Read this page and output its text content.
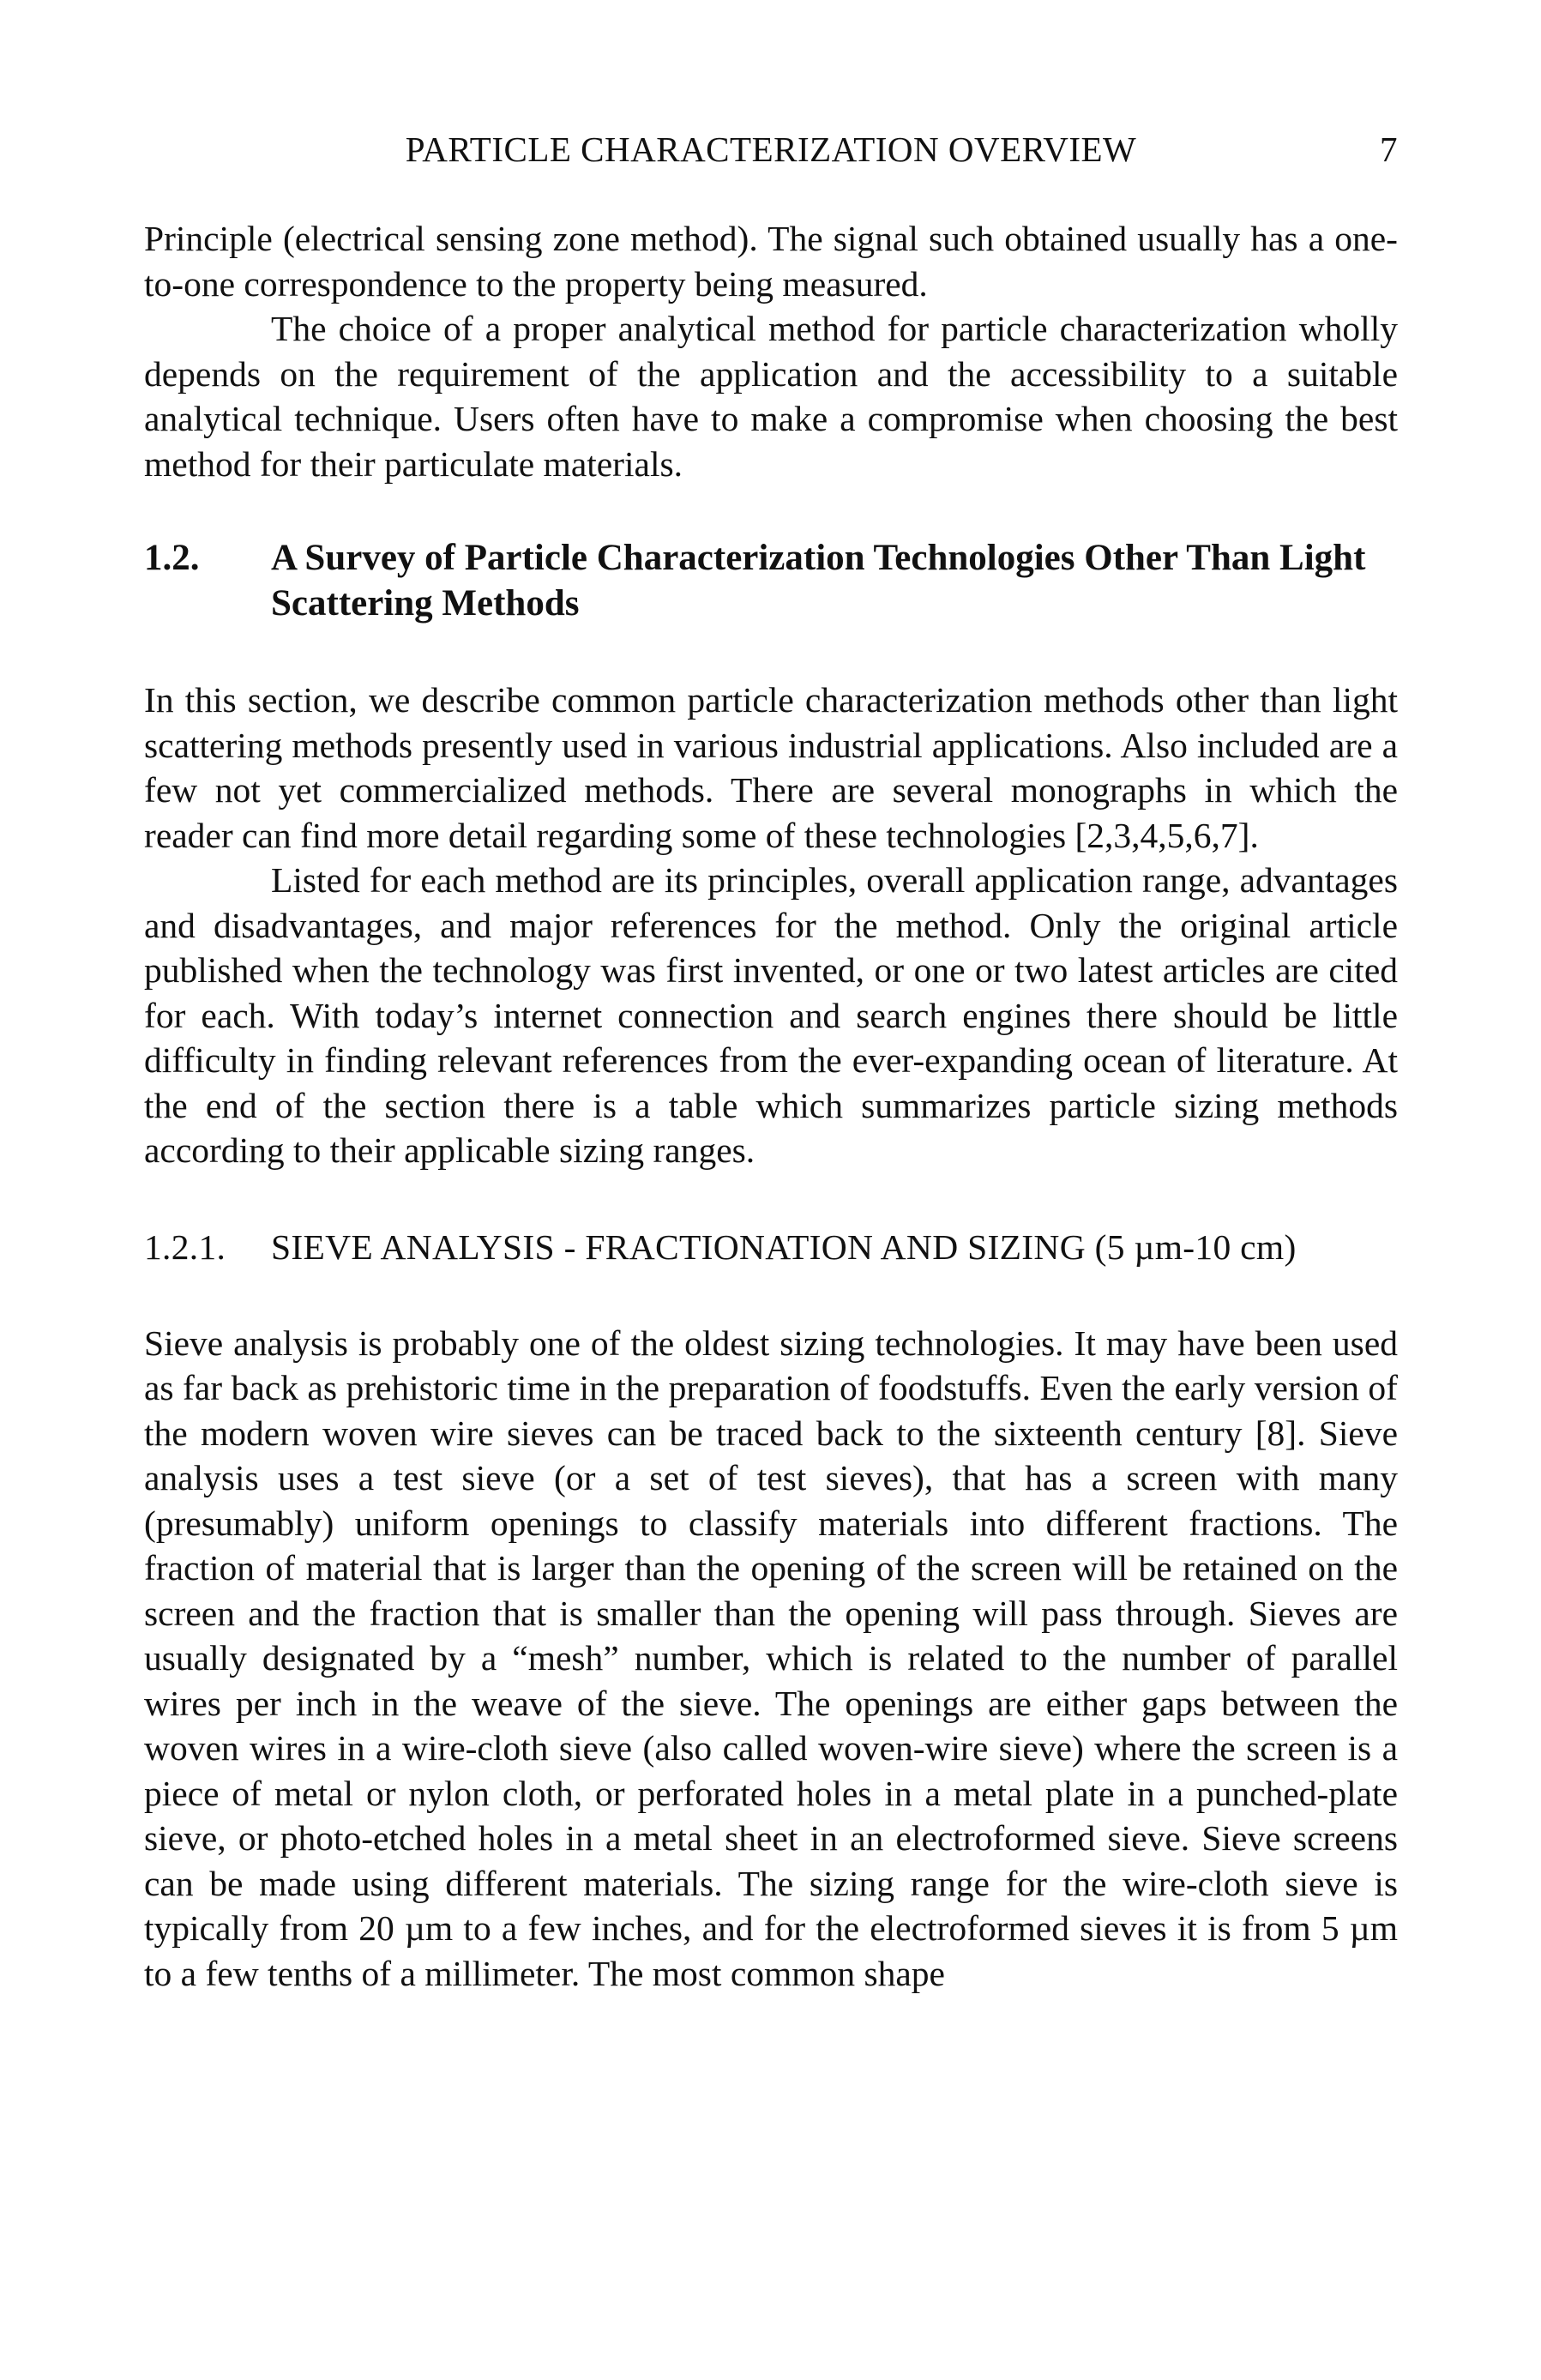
PARTICLE CHARACTERIZATION OVERVIEW	7

Principle (electrical sensing zone method). The signal such obtained usually has a one-to-one correspondence to the property being measured.

The choice of a proper analytical method for particle characterization wholly depends on the requirement of the application and the accessibility to a suitable analytical technique. Users often have to make a compromise when choosing the best method for their particulate materials.

1.2.	A Survey of Particle Characterization Technologies Other Than Light Scattering Methods

In this section, we describe common particle characterization methods other than light scattering methods presently used in various industrial applications. Also included are a few not yet commercialized methods. There are several monographs in which the reader can find more detail regarding some of these technologies [2,3,4,5,6,7].

Listed for each method are its principles, overall application range, advantages and disadvantages, and major references for the method. Only the original article published when the technology was first invented, or one or two latest articles are cited for each. With today’s internet connection and search engines there should be little difficulty in finding relevant references from the ever-expanding ocean of literature. At the end of the section there is a table which summarizes particle sizing methods according to their applicable sizing ranges.

1.2.1.	SIEVE ANALYSIS - FRACTIONATION AND SIZING (5 µm-10 cm)

Sieve analysis is probably one of the oldest sizing technologies. It may have been used as far back as prehistoric time in the preparation of foodstuffs. Even the early version of the modern woven wire sieves can be traced back to the sixteenth century [8]. Sieve analysis uses a test sieve (or a set of test sieves), that has a screen with many (presumably) uniform openings to classify materials into different fractions. The fraction of material that is larger than the opening of the screen will be retained on the screen and the fraction that is smaller than the opening will pass through. Sieves are usually designated by a “mesh” number, which is related to the number of parallel wires per inch in the weave of the sieve. The openings are either gaps between the woven wires in a wire-cloth sieve (also called woven-wire sieve) where the screen is a piece of metal or nylon cloth, or perforated holes in a metal plate in a punched-plate sieve, or photo-etched holes in a metal sheet in an electroformed sieve. Sieve screens can be made using different materials. The sizing range for the wire-cloth sieve is typically from 20 µm to a few inches, and for the electroformed sieves it is from 5 µm to a few tenths of a millimeter. The most common shape
